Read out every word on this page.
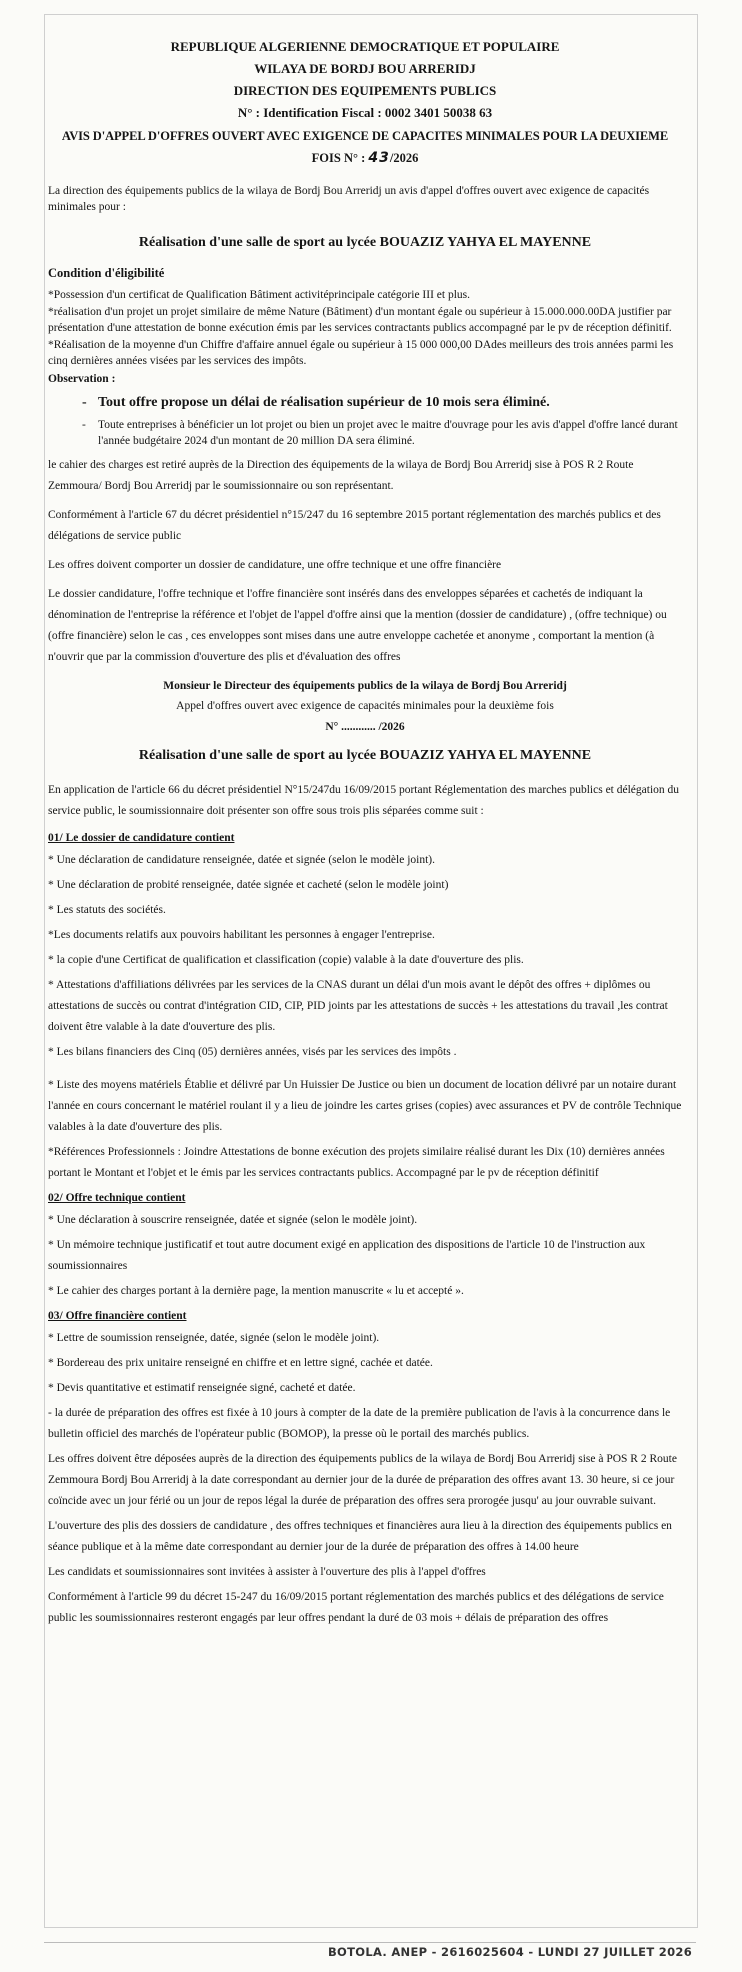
REPUBLIQUE ALGERIENNE DEMOCRATIQUE ET POPULAIRE

WILAYA DE BORDJ BOU ARRERIDJ

DIRECTION DES EQUIPEMENTS PUBLICS

N° : Identification Fiscal : 0002 3401 50038 63

AVIS D'APPEL D'OFFRES OUVERT AVEC EXIGENCE DE CAPACITES MINIMALES POUR LA DEUXIEME

FOIS N° : 43/2026

La direction des équipements publics de la wilaya de Bordj Bou Arreridj un avis d'appel d'offres ouvert avec exigence de capacités minimales pour :

Réalisation d'une salle de sport au lycée BOUAZIZ YAHYA EL MAYENNE

Condition d'éligibilité

*Possession d'un certificat de Qualification Bâtiment activitéprincipale catégorie III et plus.

*réalisation d'un projet un projet similaire de même Nature (Bâtiment) d'un montant égale ou supérieur à 15.000.000.00DA justifier par présentation d'une attestation de bonne exécution émis par les services contractants publics accompagné par le pv de réception définitif.

*Réalisation de la moyenne d'un Chiffre d'affaire annuel égale ou supérieur à 15 000 000,00 DAdes meilleurs des trois années parmi les cinq dernières années visées par les services des impôts.

Observation :

- Tout offre propose un délai de réalisation supérieur de 10 mois sera éliminé.
- Toute entreprises à bénéficier un lot projet ou bien un projet avec le maitre d'ouvrage pour les avis d'appel d'offre lancé durant l'année budgétaire 2024 d'un montant de 20 million DA sera éliminé.

le cahier des charges est retiré auprès de la Direction des équipements de la wilaya de Bordj Bou Arreridj sise à POS R 2 Route Zemmoura/ Bordj Bou Arreridj par le soumissionnaire ou son représentant.

Conformément à l'article 67 du décret présidentiel n°15/247 du 16 septembre 2015 portant réglementation des marchés publics et des délégations de service public

Les offres doivent comporter un dossier de candidature, une offre technique et une offre financière

Le dossier candidature, l'offre technique et l'offre financière sont insérés dans des enveloppes séparées et cachetés de indiquant la dénomination de l'entreprise la référence et l'objet de l'appel d'offre ainsi que la mention (dossier de candidature) , (offre technique) ou (offre financière) selon le cas , ces enveloppes sont mises dans une autre enveloppe cachetée et anonyme , comportant la mention (à n'ouvrir que par la commission d'ouverture des plis et d'évaluation des offres

Monsieur le Directeur des équipements publics de la wilaya de Bordj Bou Arreridj

Appel d'offres ouvert avec exigence de capacités minimales pour la deuxième fois

N° ............ /2026

Réalisation d'une salle de sport au lycée BOUAZIZ YAHYA EL MAYENNE

En application de l'article 66 du décret présidentiel N°15/247du 16/09/2015 portant Réglementation des marches publics et délégation du service public, le soumissionnaire doit présenter son offre sous trois plis séparées comme suit :

01/ Le dossier de candidature contient

* Une déclaration de candidature renseignée, datée et signée (selon le modèle joint).

* Une déclaration de probité renseignée, datée signée et cacheté (selon le modèle joint)

* Les statuts des sociétés.

*Les documents relatifs aux pouvoirs habilitant les personnes à engager l'entreprise.

* la copie d'une Certificat de qualification et classification (copie) valable à la date d'ouverture des plis.

* Attestations d'affiliations délivrées par les services de la CNAS durant un délai d'un mois avant le dépôt des offres + diplômes ou attestations de succès ou contrat d'intégration CID, CIP, PID joints par les attestations de succès + les attestations du travail ,les contrat doivent être valable à la date d'ouverture des plis.

* Les bilans financiers des Cinq (05) dernières années, visés par les services des impôts .

* Liste des moyens matériels Établie et délivré par Un Huissier De Justice ou bien un document de location délivré par un notaire durant l'année en cours concernant le matériel roulant il y a lieu de joindre les cartes grises (copies) avec assurances et PV de contrôle Technique valables à la date d'ouverture des plis.

*Références Professionnels : Joindre Attestations de bonne exécution des projets similaire réalisé durant les Dix (10) dernières années portant le Montant et l'objet et le émis par les services contractants publics. Accompagné par le pv de réception définitif

02/ Offre technique contient

* Une déclaration à souscrire renseignée, datée et signée (selon le modèle joint).

* Un mémoire technique justificatif et tout autre document exigé en application des dispositions de l'article 10 de l'instruction aux soumissionnaires

* Le cahier des charges portant à la dernière page, la mention manuscrite « lu et accepté ».

03/ Offre financière contient

* Lettre de soumission renseignée, datée, signée (selon le modèle joint).

* Bordereau des prix unitaire renseigné en chiffre et en lettre signé, cachée et datée.

* Devis quantitative et estimatif renseignée signé, cacheté et datée.

- la durée de préparation des offres est fixée à 10 jours à compter de la date de la première publication de l'avis à la concurrence dans le bulletin officiel des marchés de l'opérateur public (BOMOP), la presse où le portail des marchés publics.

Les offres doivent être déposées auprès de la direction des équipements publics de la wilaya de Bordj Bou Arreridj sise à POS R 2 Route Zemmoura Bordj Bou Arreridj à la date correspondant au dernier jour de la durée de préparation des offres avant 13. 30 heure, si ce jour coïncide avec un jour férié ou un jour de repos légal la durée de préparation des offres sera prorogée jusqu' au jour ouvrable suivant.

L'ouverture des plis des dossiers de candidature , des offres techniques et financières aura lieu à la direction des équipements publics en séance publique et à la même date correspondant au dernier jour de la durée de préparation des offres à 14.00 heure

Les candidats et soumissionnaires sont invitées à assister à l'ouverture des plis à l'appel d'offres

Conformément à l'article 99 du décret 15-247 du 16/09/2015 portant réglementation des marchés publics et des délégations de service public les soumissionnaires resteront engagés par leur offres pendant la duré de 03 mois + délais de préparation des offres

BOTOLA. ANEP - 2616025604 - LUNDI 27 JUILLET 2026
